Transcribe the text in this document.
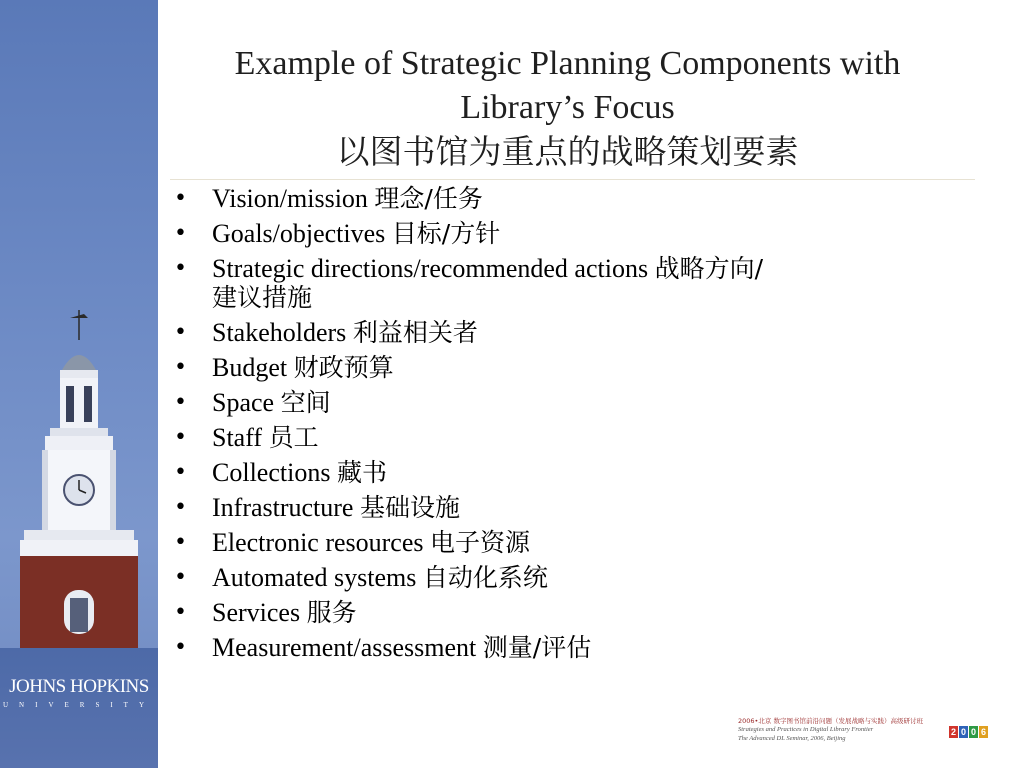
JOHNS HOPKINS
UNIVERSITY
Example of Strategic Planning Components with
Library’s Focus
以图书馆为重点的战略策划要素
• Vision/mission 理念/任务
• Goals/objectives 目标/方针
• Strategic directions/recommended actions 战略方向/
建议措施
• Stakeholders 利益相关者
• Budget 财政预算
• Space 空间
• Staff 员工
• Collections 藏书
• Infrastructure 基础设施
• Electronic resources 电子资源
• Automated systems 自动化系统
• Services 服务
• Measurement/assessment 测量/评估
2006•北京 数字图书馆前沿问题（发展战略与实践）高级研讨班
Strategies and Practices in Digital Library Frontier
The Advanced DL Seminar, 2006, Beijing
2 0 0 6
